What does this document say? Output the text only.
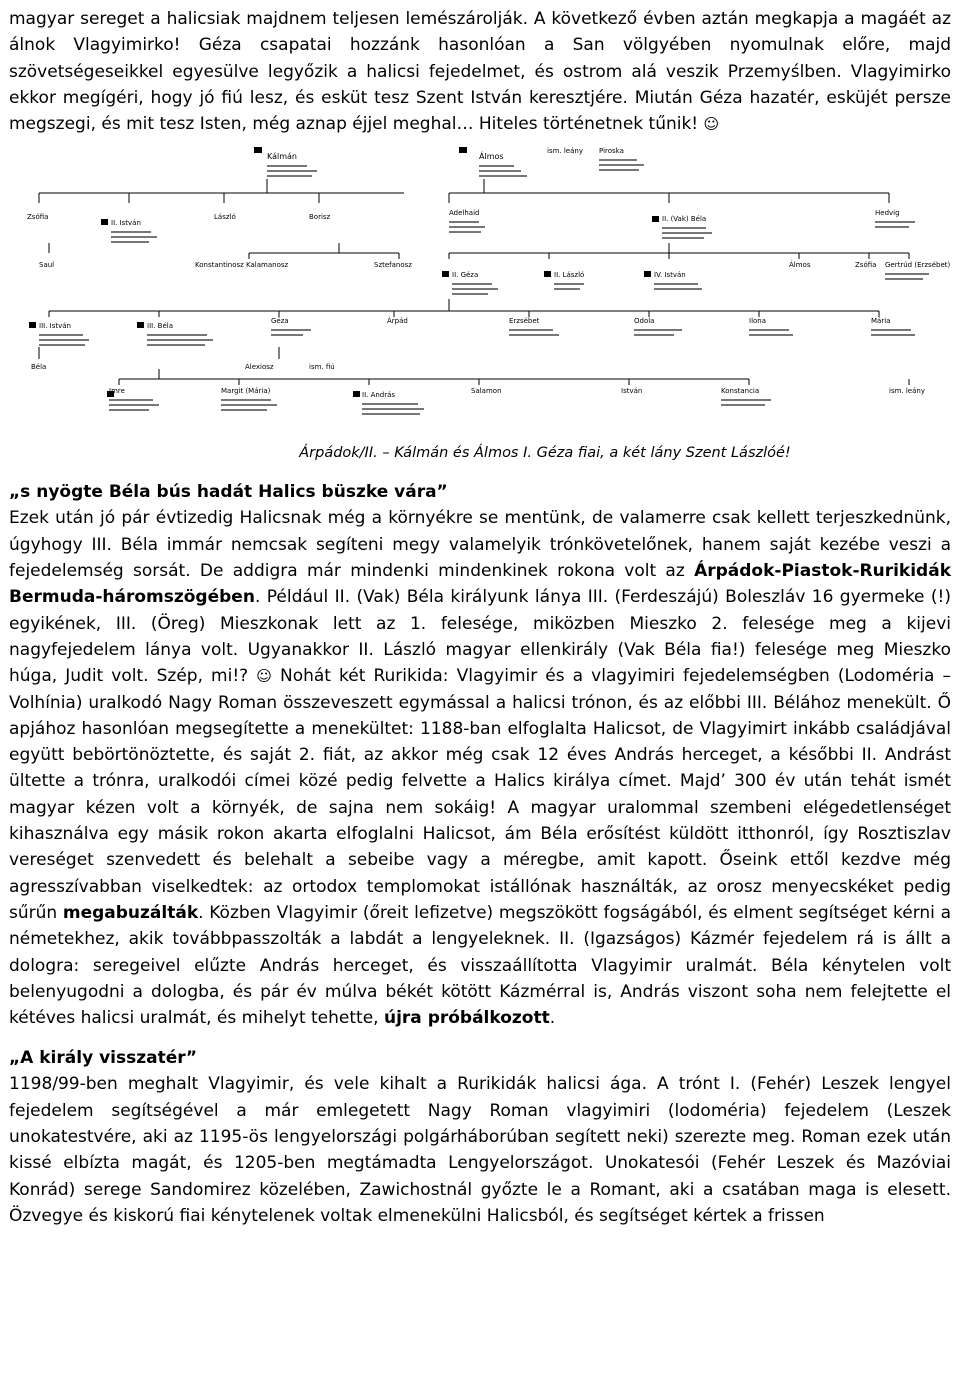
magyar sereget a halicsiak majdnem teljesen lemészárolják. A következő évben aztán megkapja a magáét az álnok Vlagyimirko! Géza csapatai hozzánk hasonlóan a San völgyében nyomulnak előre, majd szövetségeseikkel egyesülve legyőzik a halicsi fejedelmet, és ostrom alá veszik Przemyślben. Vlagyimirko ekkor megígéri, hogy jó fiú lesz, és esküt tesz Szent István keresztjére. Miután Géza hazatér, esküjét persze megszegi, és mit tesz Isten, még aznap éjjel meghal… Hiteles történetnek tűnik! ☺

Kálmán	Álmos
ism. leány Piroska
Zsófia
II. István
László	Borisz	Adelhaid
II. (Vak) Béla
Hedvig
Saul	Konstantinosz Kalamanosz	Sztefanosz
II. Géza	II. László	IV. István
Álmos	Zsófia Gertrúd (Erzsébet)
III. István	III. Béla
Géza	Árpád	Erzsébet	Odola	Ilona	Mária
Béla	Alexiosz	ism. fiú
Imre	Margit (Mária)	II. András	Salamon	István	Konstancia	ism. leány
Árpádok/II. – Kálmán és Álmos I. Géza fiai, a két lány Szent Lászlóé!
„s nyögte Béla bús hadát Halics büszke vára”

Ezek után jó pár évtizedig Halicsnak még a környékre se mentünk, de valamerre csak kellett terjeszkednünk, úgyhogy III. Béla immár nemcsak segíteni megy valamelyik trónkövetelőnek, hanem saját kezébe veszi a fejedelemség sorsát. De addigra már mindenki mindenkinek rokona volt az Árpádok-Piastok-Rurikidák Bermuda-háromszögében. Például II. (Vak) Béla királyunk lánya III. (Ferdeszájú) Boleszláv 16 gyermeke (!) egyikének, III. (Öreg) Mieszkonak lett az 1. felesége, miközben Mieszko 2. felesége meg a kijevi nagyfejedelem lánya volt. Ugyanakkor II. László magyar ellenkirály (Vak Béla fia!) felesége meg Mieszko húga, Judit volt. Szép, mi!? ☺ Nohát két Rurikida: Vlagyimir és a vlagyimiri fejedelemségben (Lodoméria – Volhínia) uralkodó Nagy Roman összeveszett egymással a halicsi trónon, és az előbbi III. Bélához menekült. Ő apjához hasonlóan megsegítette a menekültet: 1188-ban elfoglalta Halicsot, de Vlagyimirt inkább családjával együtt bebörtönöztette, és saját 2. fiát, az akkor még csak 12 éves András herceget, a későbbi II. Andrást ültette a trónra, uralkodói címei közé pedig felvette a Halics királya címet. Majd’ 300 év után tehát ismét magyar kézen volt a környék, de sajna nem sokáig! A magyar uralommal szembeni elégedetlenséget kihasználva egy másik rokon akarta elfoglalni Halicsot, ám Béla erősítést küldött itthonról, így Rosztiszlav vereséget szenvedett és belehalt a sebeibe vagy a méregbe, amit kapott. Őseink ettől kezdve még agresszívabban viselkedtek: az ortodox templomokat istállónak használták, az orosz menyecskéket pedig sűrűn megabuzálták. Közben Vlagyimir (őreit lefizetve) megszökött fogságából, és elment segítséget kérni a németekhez, akik továbbpasszolták a labdát a lengyeleknek. II. (Igazságos) Kázmér fejedelem rá is állt a dologra: seregeivel elűzte András herceget, és visszaállította Vlagyimir uralmát. Béla kénytelen volt belenyugodni a dologba, és pár év múlva békét kötött Kázmérral is, András viszont soha nem felejtette el kétéves halicsi uralmát, és mihelyt tehette, újra próbálkozott.

„A király visszatér”

1198/99-ben meghalt Vlagyimir, és vele kihalt a Rurikidák halicsi ága. A trónt I. (Fehér) Leszek lengyel fejedelem segítségével a már emlegetett Nagy Roman vlagyimiri (lodoméria) fejedelem (Leszek unokatestvére, aki az 1195-ös lengyelországi polgárháborúban segített neki) szerezte meg. Roman ezek után kissé elbízta magát, és 1205-ben megtámadta Lengyelországot. Unokatesói (Fehér Leszek és Mazóviai Konrád) serege Sandomirez közelében, Zawichostnál győzte le a Romant, aki a csatában maga is elesett. Özvegye és kiskorú fiai kénytelenek voltak elmenekülni Halicsból, és segítséget kértek a frissen
